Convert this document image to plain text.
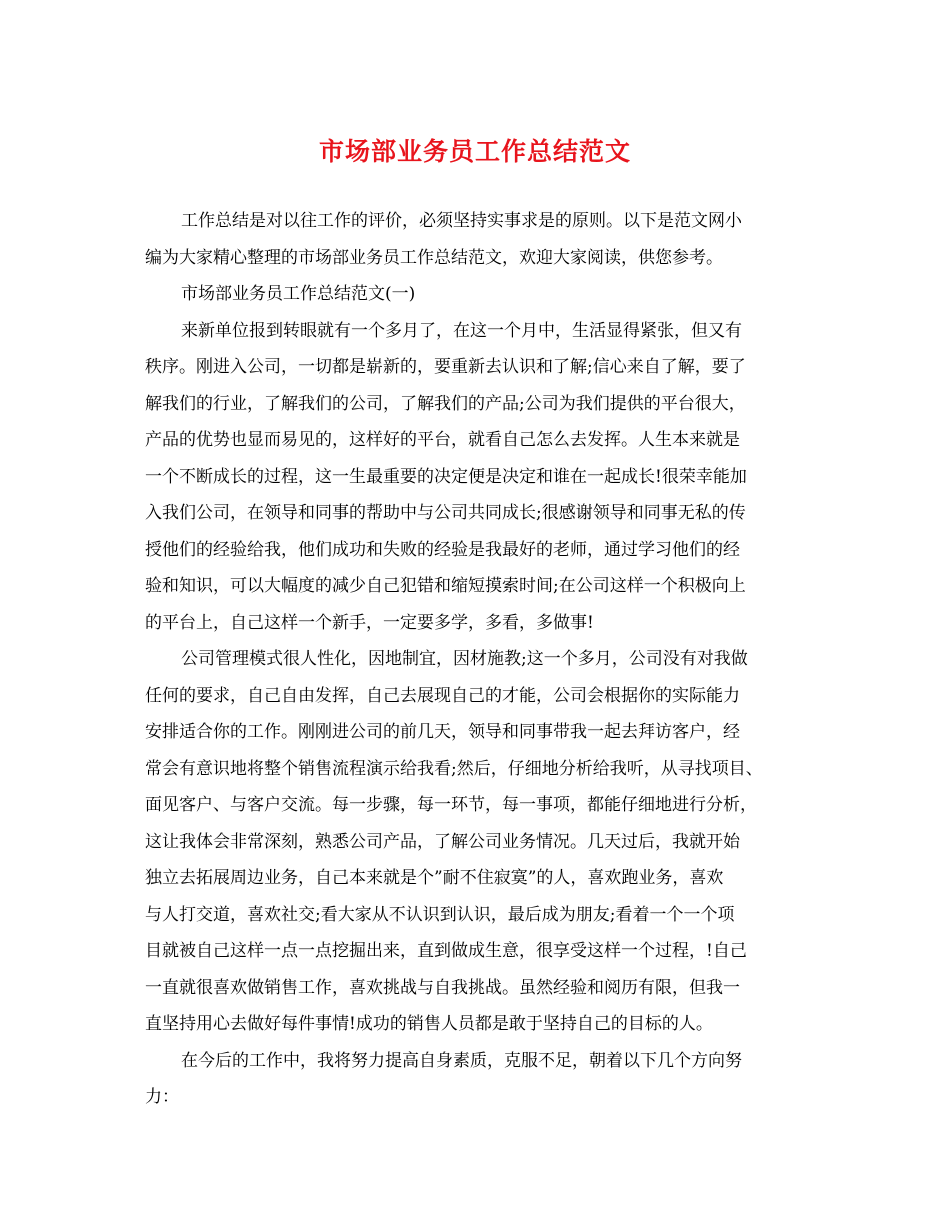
市场部业务员工作总结范文
工作总结是对以往工作的评价，必须坚持实事求是的原则。以下是范文网小
编为大家精心整理的市场部业务员工作总结范文，欢迎大家阅读，供您参考。
市场部业务员工作总结范文(一)
来新单位报到转眼就有一个多月了，在这一个月中，生活显得紧张，但又有
秩序。刚进入公司，一切都是崭新的，要重新去认识和了解;信心来自了解，要了
解我们的行业，了解我们的公司，了解我们的产品;公司为我们提供的平台很大，
产品的优势也显而易见的，这样好的平台，就看自己怎么去发挥。人生本来就是
一个不断成长的过程，这一生最重要的决定便是决定和谁在一起成长!很荣幸能加
入我们公司，在领导和同事的帮助中与公司共同成长;很感谢领导和同事无私的传
授他们的经验给我，他们成功和失败的经验是我最好的老师，通过学习他们的经
验和知识，可以大幅度的减少自己犯错和缩短摸索时间;在公司这样一个积极向上
的平台上，自己这样一个新手，一定要多学，多看，多做事!
公司管理模式很人性化，因地制宜，因材施教;这一个多月，公司没有对我做
任何的要求，自己自由发挥，自己去展现自己的才能，公司会根据你的实际能力
安排适合你的工作。刚刚进公司的前几天，领导和同事带我一起去拜访客户，经
常会有意识地将整个销售流程演示给我看;然后，仔细地分析给我听，从寻找项目、
面见客户、与客户交流。每一步骤，每一环节，每一事项，都能仔细地进行分析，
这让我体会非常深刻，熟悉公司产品，了解公司业务情况。几天过后，我就开始
独立去拓展周边业务，自己本来就是个”耐不住寂寞”的人，喜欢跑业务，喜欢
与人打交道，喜欢社交;看大家从不认识到认识，最后成为朋友;看着一个一个项
目就被自己这样一点一点挖掘出来，直到做成生意，很享受这样一个过程，!自己
一直就很喜欢做销售工作，喜欢挑战与自我挑战。虽然经验和阅历有限，但我一
直坚持用心去做好每件事情!成功的销售人员都是敢于坚持自己的目标的人。
在今后的工作中，我将努力提高自身素质，克服不足，朝着以下几个方向努
力：
